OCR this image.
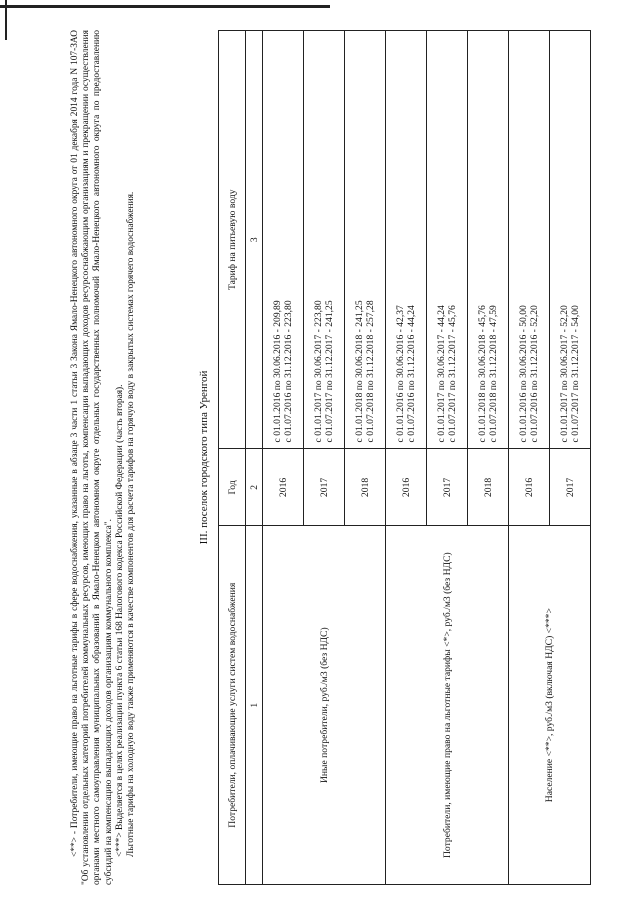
<**> - Потребители, имеющие право на льготные тарифы в сфере водоснабжения, указанные в абзаце 3 части 1 статьи 3 Закона Ямало-Ненецкого автономного округа от 01 декабря 2014 года N 107-ЗАО "Об установлении отдельных категорий потребителей коммунальных ресурсов, имеющих право на льготы, компенсации выпадающих доходов ресурсоснабжающим организациям и прекращении осуществления органами местного самоуправления муниципальных образований в Ямало-Ненецком автономном округе отдельных государственных полномочий Ямало-Ненецкого автономного округа по предоставлению субсидий на компенсацию выпадающих доходов организациям коммунального комплекса". <***> Выделяется в целях реализации пункта 6 статьи 168 Налогового кодекса Российской Федерации (часть вторая). Льготные тарифы на холодную воду также применяются в качестве компонентов для расчета тарифов на горячую воду в закрытых системах горячего водоснабжения.	III. поселок городского типа Уренгой
Потребители, оплачивающие услуги систем водоснабжения	Год	Тариф на питьевую воду
1	2	3
Иные потребители, руб./м3 (без НДС)	2016	с 01.01.2016 по 30.06.2016 - 209,89 с 01.07.2016 по 31.12.2016 - 223,80

	2017	с 01.01.2017 по 30.06.2017 - 223,80 с 01.07.2017 по 31.12.2017 - 241,25

	2018	с 01.01.2018 по 30.06.2018 - 241,25 с 01.07.2018 по 31.12.2018 - 257,28

Потребители, имеющие право на льготные тарифы <*>, руб./м3 (без НДС)	2016	с 01.01.2016 по 30.06.2016 - 42,37 с 01.07.2016 по 31.12.2016 - 44,24

	2017	с 01.01.2017 по 30.06.2017 - 44,24 с 01.07.2017 по 31.12.2017 - 45,76

	2018	с 01.01.2018 по 30.06.2018 - 45,76 с 01.07.2018 по 31.12.2018 - 47,59

Население <**>, руб./м3 (включая НДС) <***>	2016	с 01.01.2016 по 30.06.2016 - 50,00 с 01.07.2016 по 31.12.2016 - 52,20

	2017	с 01.01.2017 по 30.06.2017 - 52,20 с 01.07.2017 по 31.12.2017 - 54,00
